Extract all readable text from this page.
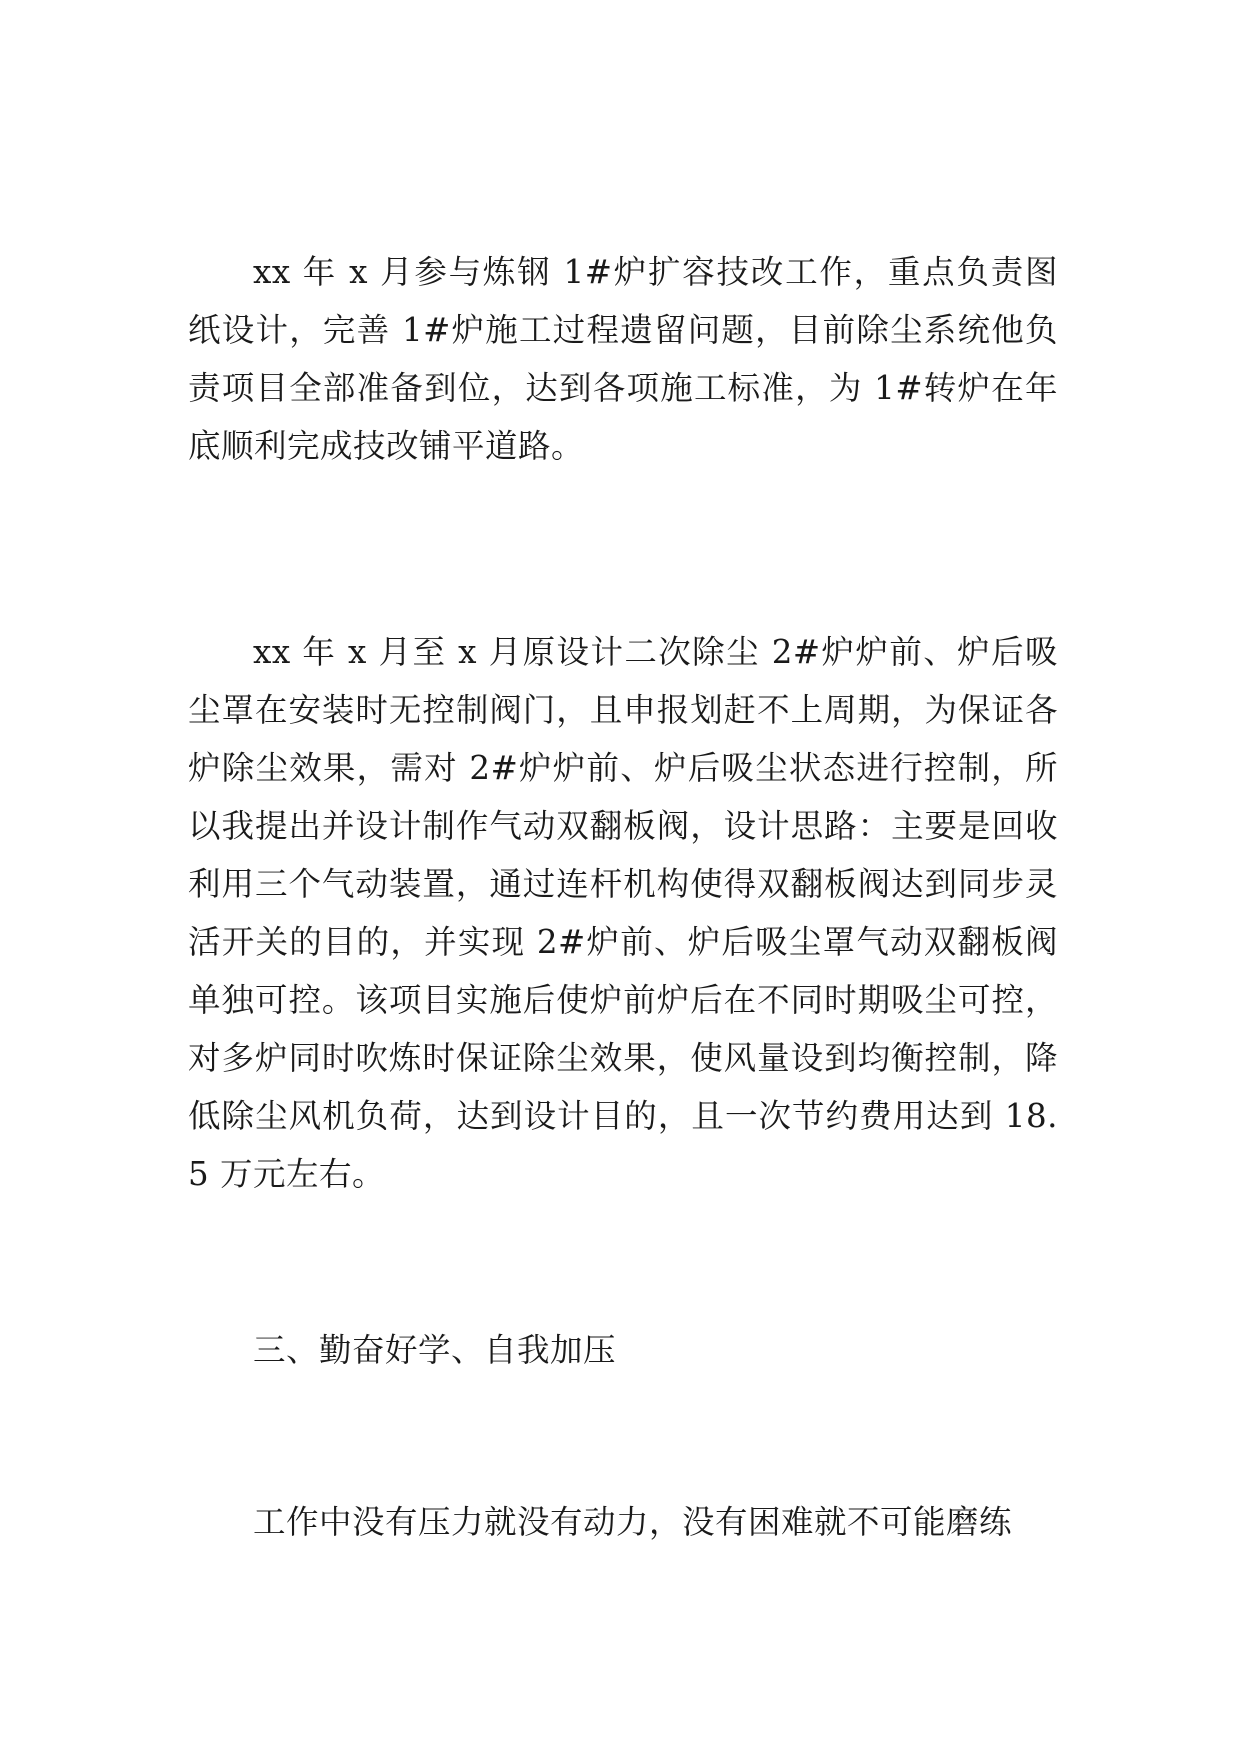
xx 年 x 月参与炼钢 1#炉扩容技改工作，重点负责图纸设计，完善 1#炉施工过程遗留问题，目前除尘系统他负责项目全部准备到位，达到各项施工标准，为 1#转炉在年底顺利完成技改铺平道路。

xx 年 x 月至 x 月原设计二次除尘 2#炉炉前、炉后吸尘罩在安装时无控制阀门，且申报划赶不上周期，为保证各炉除尘效果，需对 2#炉炉前、炉后吸尘状态进行控制，所以我提出并设计制作气动双翻板阀，设计思路：主要是回收利用三个气动装置，通过连杆机构使得双翻板阀达到同步灵活开关的目的，并实现 2#炉前、炉后吸尘罩气动双翻板阀单独可控。该项目实施后使炉前炉后在不同时期吸尘可控，对多炉同时吹炼时保证除尘效果，使风量设到均衡控制，降低除尘风机负荷，达到设计目的，且一次节约费用达到 18.5 万元左右。

三、勤奋好学、自我加压

工作中没有压力就没有动力，没有困难就不可能磨练
